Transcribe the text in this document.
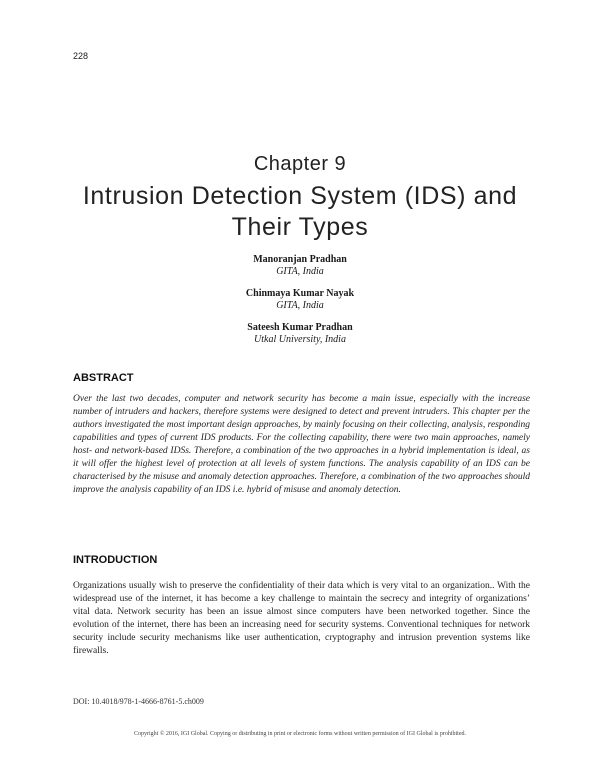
228
Chapter 9
Intrusion Detection System (IDS) and Their Types
Manoranjan Pradhan
GITA, India
Chinmaya Kumar Nayak
GITA, India
Sateesh Kumar Pradhan
Utkal University, India
ABSTRACT
Over the last two decades, computer and network security has become a main issue, especially with the increase number of intruders and hackers, therefore systems were designed to detect and prevent intruders. This chapter per the authors investigated the most important design approaches, by mainly focusing on their collecting, analysis, responding capabilities and types of current IDS products. For the collecting capability, there were two main approaches, namely host- and network-based IDSs. Therefore, a combination of the two approaches in a hybrid implementation is ideal, as it will offer the highest level of protection at all levels of system functions. The analysis capability of an IDS can be characterised by the misuse and anomaly detection approaches. Therefore, a combination of the two approaches should improve the analysis capability of an IDS i.e. hybrid of misuse and anomaly detection.
INTRODUCTION
Organizations usually wish to preserve the confidentiality of their data which is very vital to an organization.. With the widespread use of the internet, it has become a key challenge to maintain the secrecy and integrity of organizations’ vital data. Network security has been an issue almost since computers have been networked together. Since the evolution of the internet, there has been an increasing need for security systems. Conventional techniques for network security include security mechanisms like user authentication, cryptography and intrusion prevention systems like firewalls.
DOI: 10.4018/978-1-4666-8761-5.ch009
Copyright © 2016, IGI Global. Copying or distributing in print or electronic forms without written permission of IGI Global is prohibited.
